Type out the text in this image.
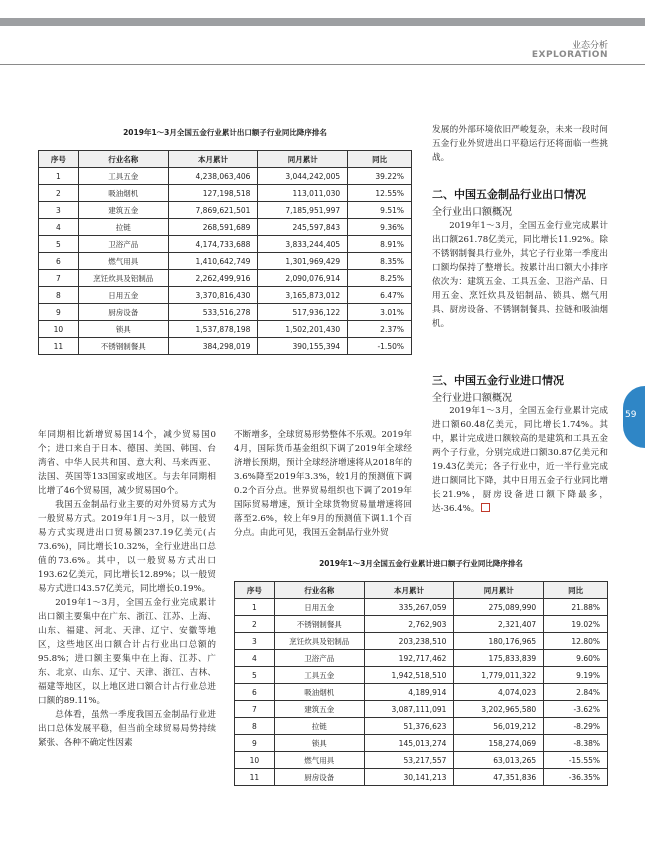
业态分析
EXPLORATION
59
2019年1～3月全国五金行业累计出口额子行业同比降序排名
序号	行业名称	本月累计	同月累计	同比
1	工具五金	4,238,063,406	3,044,242,005	39.22%
2	吸油烟机	127,198,518	113,011,030	12.55%
3	建筑五金	7,869,621,501	7,185,951,997	9.51%
4	拉链	268,591,689	245,597,843	9.36%
5	卫浴产品	4,174,733,688	3,833,244,405	8.91%
6	燃气用具	1,410,642,749	1,301,969,429	8.35%
7	烹饪炊具及铝制品	2,262,499,916	2,090,076,914	8.25%
8	日用五金	3,370,816,430	3,165,873,012	6.47%
9	厨房设备	533,516,278	517,936,122	3.01%
10	锁具	1,537,878,198	1,502,201,430	2.37%
11	不锈钢制餐具	384,298,019	390,155,394	-1.50%

发展的外部环境依旧严峻复杂，未来一段时间五金行业外贸进出口平稳运行还将面临一些挑战。

二、中国五金制品行业出口情况
全行业出口额概况

2019年1～3月，全国五金行业完成累计出口额261.78亿美元，同比增长11.92%。除不锈钢制餐具行业外，其它子行业第一季度出口额均保持了整增长。按累计出口额大小排序依次为：建筑五金、工具五金、卫浴产品、日用五金、烹饪炊具及铝制品、锁具、燃气用具、厨房设备、不锈钢制餐具、拉链和吸油烟机。

三、中国五金行业进口情况
全行业进口额概况

2019年1～3月，全国五金行业累计完成进口额60.48亿美元，同比增长1.74%。其中，累计完成进口额较高的是建筑和工具五金两个子行业，分别完成进口额30.87亿美元和19.43亿美元；各子行业中，近一半行业完成进口额同比下降，其中日用五金子行业同比增长21.9%，厨房设备进口额下降最多，达-36.4%。

年同期相比新增贸易国14个，减少贸易国0个；进口来自于日本、德国、美国、韩国、台湾省、中华人民共和国、意大利、马来西亚、法国、英国等133国家或地区。与去年同期相比增了46个贸易国，减少贸易国0个。

我国五金制品行业主要的对外贸易方式为一般贸易方式。2019年1月～3月，以一般贸易方式实现进出口贸易额237.19亿美元(占73.6%)，同比增长10.32%，全行业进出口总值的73.6%。其中，以一般贸易方式出口193.62亿美元，同比增长12.89%；以一般贸易方式进口43.57亿美元，同比增长0.19%。

2019年1～3月，全国五金行业完成累计出口额主要集中在广东、浙江、江苏、上海、山东、福建、河北、天津、辽宁、安徽等地区，这些地区出口额合计占行业出口总额的95.8%；进口额主要集中在上海、江苏、广东、北京、山东、辽宁、天津、浙江、吉林、福建等地区，以上地区进口额合计占行业总进口额的89.11%。

总体看，虽然一季度我国五金制品行业进出口总体发展平稳，但当前全球贸易局势持续紧张、各种不确定性因素

不断增多，全球贸易形势整体不乐观。2019年4月，国际货币基金组织下调了2019年全球经济增长预期，预计全球经济增速将从2018年的3.6%降至2019年3.3%，较1月的预测值下调0.2个百分点。世界贸易组织也下调了2019年国际贸易增速，预计全球货物贸易量增速将回落至2.6%，较上年9月的预测值下调1.1个百分点。由此可见，我国五金制品行业外贸

2019年1～3月全国五金行业累计进口额子行业同比降序排名
序号	行业名称	本月累计	同月累计	同比
1	日用五金	335,267,059	275,089,990	21.88%
2	不锈钢制餐具	2,762,903	2,321,407	19.02%
3	烹饪炊具及铝制品	203,238,510	180,176,965	12.80%
4	卫浴产品	192,717,462	175,833,839	9.60%
5	工具五金	1,942,518,510	1,779,011,322	9.19%
6	吸油烟机	4,189,914	4,074,023	2.84%
7	建筑五金	3,087,111,091	3,202,965,580	-3.62%
8	拉链	51,376,623	56,019,212	-8.29%
9	锁具	145,013,274	158,274,069	-8.38%
10	燃气用具	53,217,557	63,013,265	-15.55%
11	厨房设备	30,141,213	47,351,836	-36.35%
